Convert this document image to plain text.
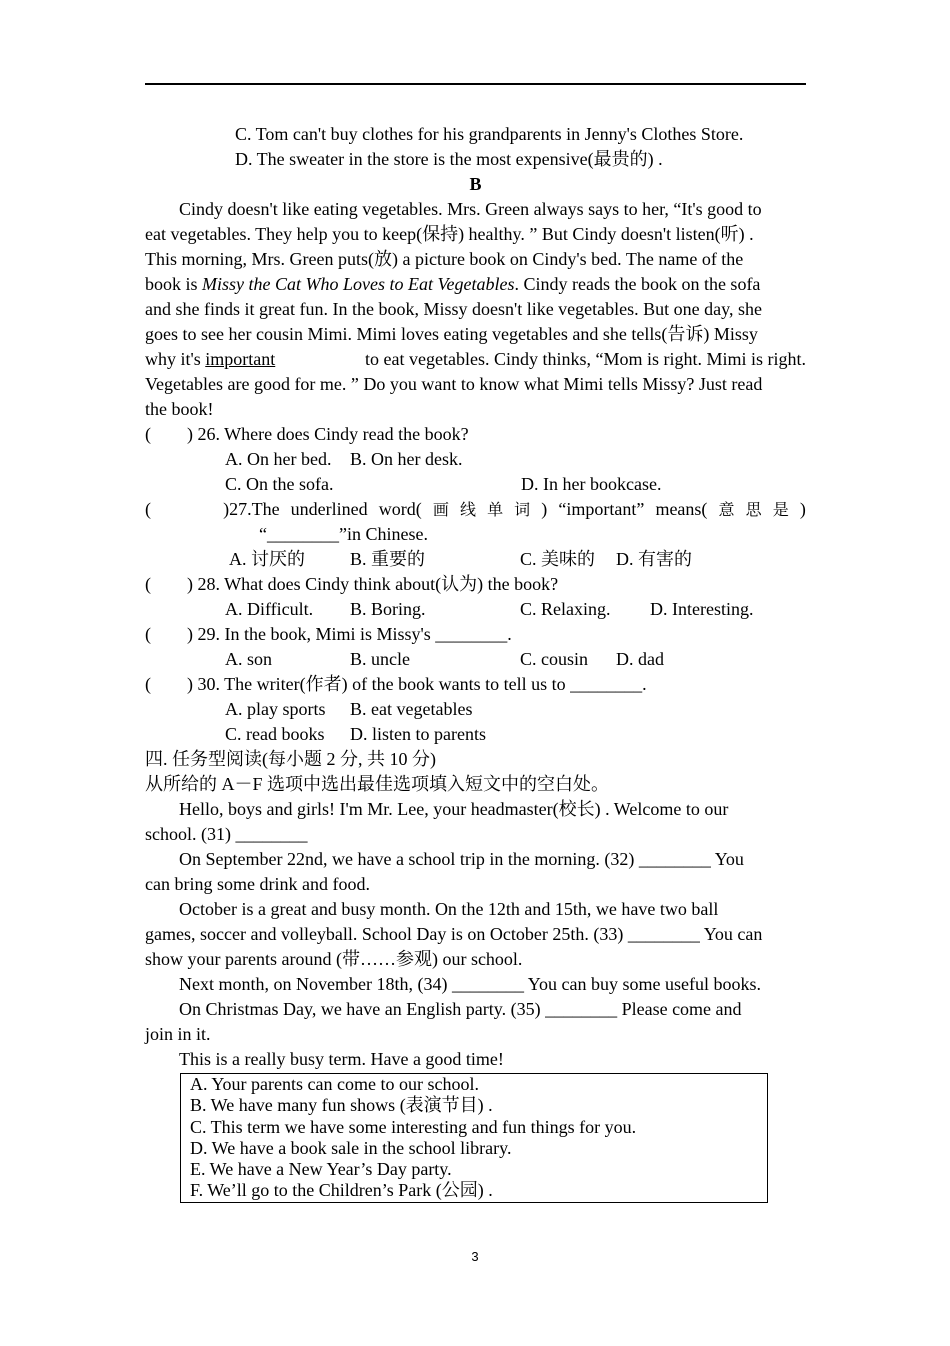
C. Tom can't buy clothes for his grandparents in Jenny's Clothes Store.
D. The sweater in the store is the most expensive(最贵的) .
B
Cindy doesn't like eating vegetables. Mrs. Green always says to her, “It's good to
eat vegetables. They help you to keep(保持) healthy. ” But Cindy doesn't listen(听) .
This morning, Mrs. Green puts(放) a picture book on Cindy's bed. The name of the
book is Missy the Cat Who Loves to Eat Vegetables. Cindy reads the book on the sofa
and she finds it great fun. In the book, Missy doesn't like vegetables. But one day, she
goes to see her cousin Mimi. Mimi loves eating vegetables and she tells(告诉) Missy
why it's important	to eat vegetables. Cindy thinks, “Mom is right. Mimi is right.
Vegetables are good for me. ” Do you want to know what Mimi tells Missy? Just read
the book!
( ) 26. Where does Cindy read the book?
A. On her bed. B. On her desk.
C. On the sofa.	D. In her bookcase.
(	)27.The underlined word( 画 线 单 词 ) “important” means( 意 思 是 )
“________”in Chinese.
A. 讨厌的	B. 重要的	C. 美味的 D. 有害的
( ) 28. What does Cindy think about(认为) the book?
A. Difficult. B. Boring.	C. Relaxing. D. Interesting.
( ) 29. In the book, Mimi is Missy's ________.
A. son	B. uncle	C. cousin D. dad
( ) 30. The writer(作者) of the book wants to tell us to ________.
A. play sports B. eat vegetables
C. read books D. listen to parents
四. 任务型阅读(每小题 2 分, 共 10 分)
从所给的 A－F 选项中选出最佳选项填入短文中的空白处。
Hello, boys and girls! I'm Mr. Lee, your headmaster(校长) . Welcome to our
school. (31) ________
On September 22nd, we have a school trip in the morning. (32) ________ You
can bring some drink and food.
October is a great and busy month. On the 12th and 15th, we have two ball
games, soccer and volleyball. School Day is on October 25th. (33) ________ You can
show your parents around (带……参观) our school.
Next month, on November 18th, (34) ________ You can buy some useful books.
On Christmas Day, we have an English party. (35) ________ Please come and
join in it.
This is a really busy term. Have a good time!
A. Your parents can come to our school.
B. We have many fun shows (表演节目) .
C. This term we have some interesting and fun things for you.
D. We have a book sale in the school library.
E. We have a New Year’s Day party.
F. We’ll go to the Children’s Park (公园) .
3
